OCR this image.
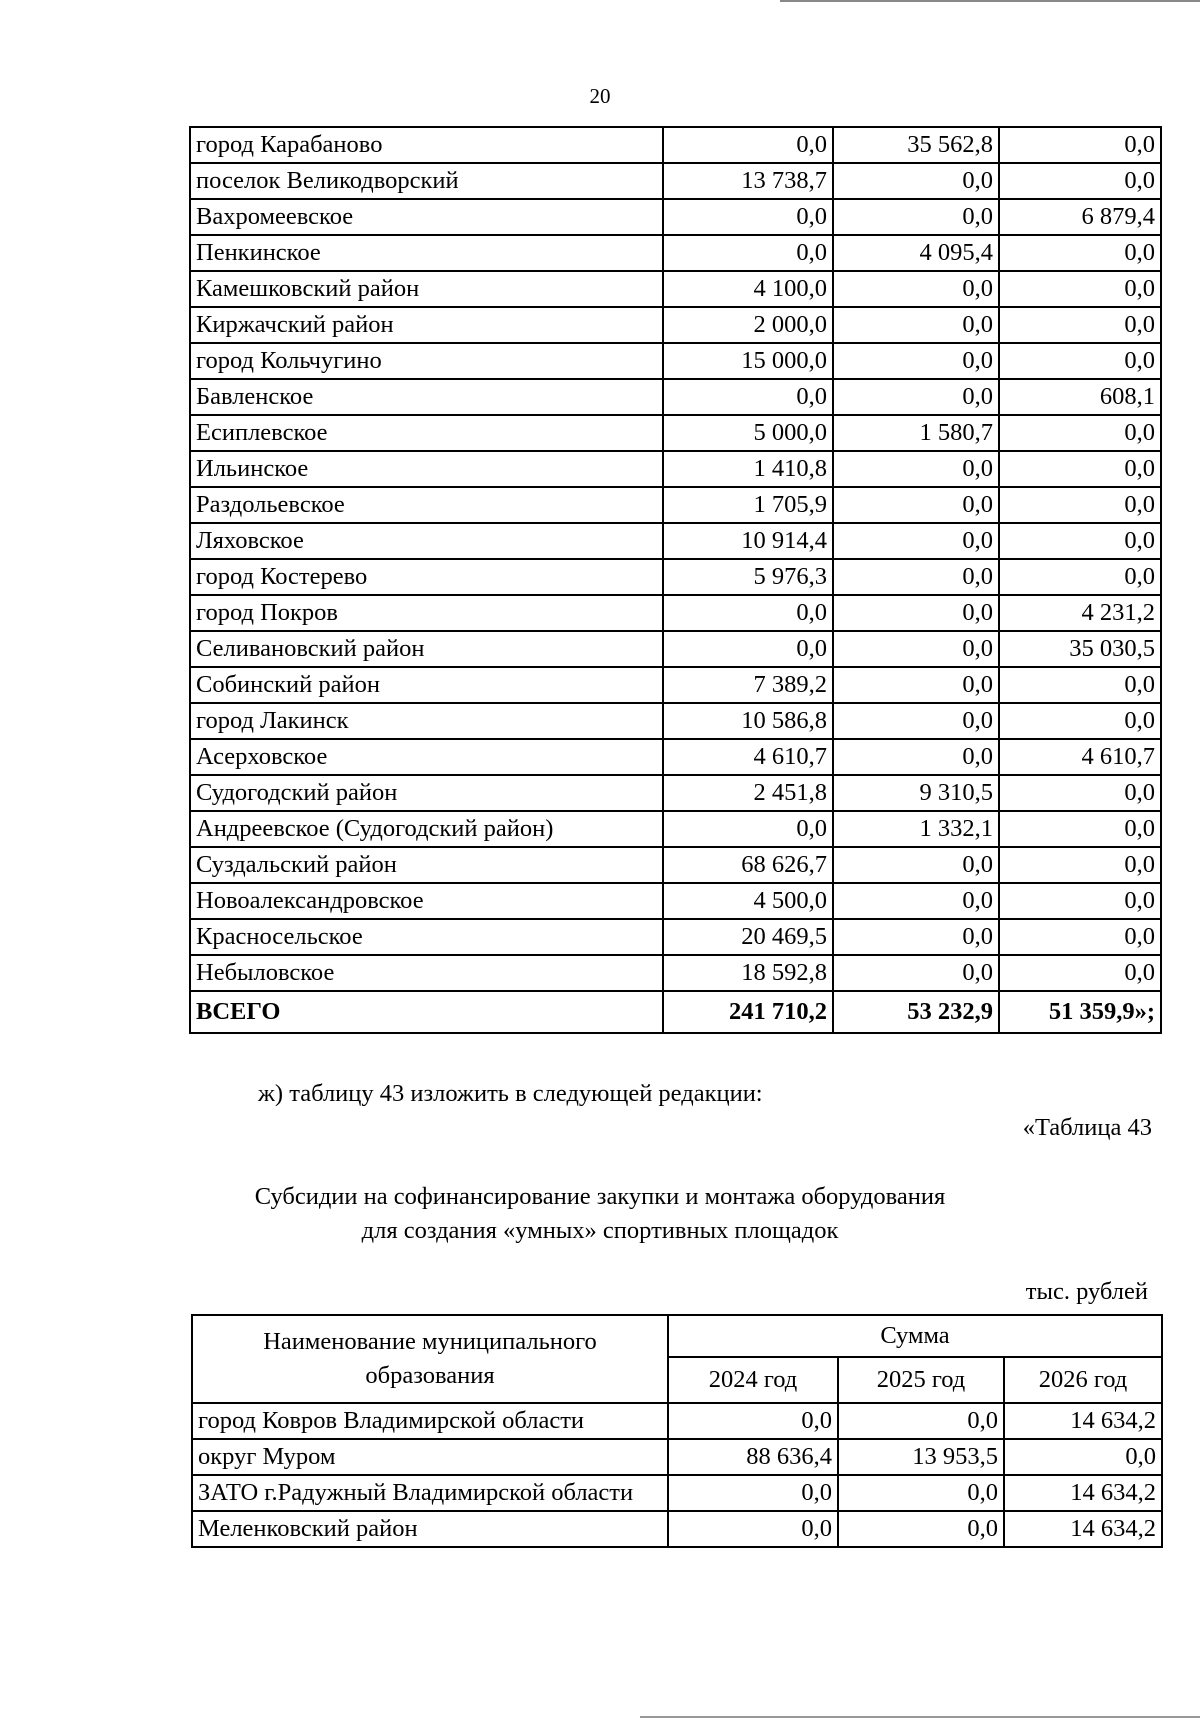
20
город Карабаново	0,0	35 562,8	0,0
поселок Великодворский	13 738,7	0,0	0,0
Вахромеевское	0,0	0,0	6 879,4
Пенкинское	0,0	4 095,4	0,0
Камешковский район	4 100,0	0,0	0,0
Киржачский район	2 000,0	0,0	0,0
город Кольчугино	15 000,0	0,0	0,0
Бавленское	0,0	0,0	608,1
Есиплевское	5 000,0	1 580,7	0,0
Ильинское	1 410,8	0,0	0,0
Раздольевское	1 705,9	0,0	0,0
Ляховское	10 914,4	0,0	0,0
город Костерево	5 976,3	0,0	0,0
город Покров	0,0	0,0	4 231,2
Селивановский район	0,0	0,0	35 030,5
Собинский район	7 389,2	0,0	0,0
город Лакинск	10 586,8	0,0	0,0
Асерховское	4 610,7	0,0	4 610,7
Судогодский район	2 451,8	9 310,5	0,0
Андреевское (Судогодский район)	0,0	1 332,1	0,0
Суздальский район	68 626,7	0,0	0,0
Новоалександровское	4 500,0	0,0	0,0
Красносельское	20 469,5	0,0	0,0
Небыловское	18 592,8	0,0	0,0
ВСЕГО	241 710,2	53 232,9	51 359,9»;
ж) таблицу 43 изложить в следующей редакции:
«Таблица 43
Субсидии на софинансирование закупки и монтажа оборудования
для создания «умных» спортивных площадок
тыс. рублей
Наименование муниципального образования	Сумма		
	2024 год	2025 год	2026 год
город Ковров Владимирской области	0,0	0,0	14 634,2
округ Муром	88 636,4	13 953,5	0,0
ЗАТО г.Радужный Владимирской области	0,0	0,0	14 634,2
Меленковский район	0,0	0,0	14 634,2
